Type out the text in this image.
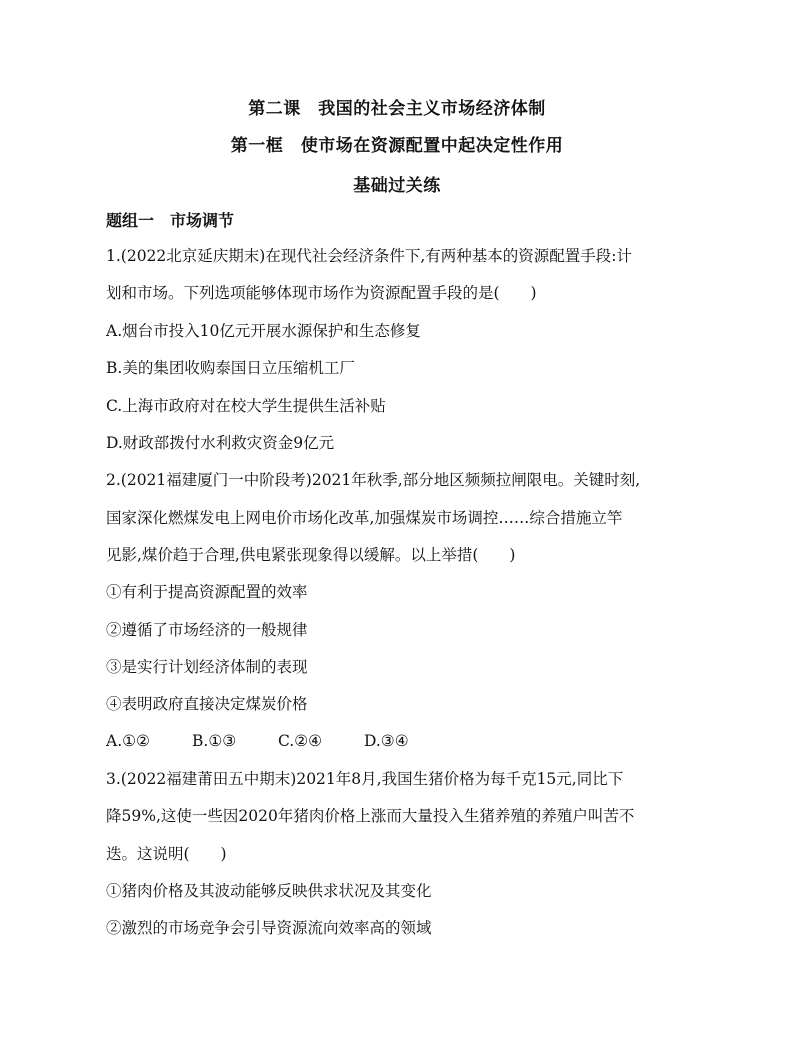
第二课　我国的社会主义市场经济体制
第一框　使市场在资源配置中起决定性作用
基础过关练
题组一　市场调节
1.(2022北京延庆期末)在现代社会经济条件下,有两种基本的资源配置手段:计
划和市场。下列选项能够体现市场作为资源配置手段的是(　　)
A.烟台市投入10亿元开展水源保护和生态修复
B.美的集团收购泰国日立压缩机工厂
C.上海市政府对在校大学生提供生活补贴
D.财政部拨付水利救灾资金9亿元
2.(2021福建厦门一中阶段考)2021年秋季,部分地区频频拉闸限电。关键时刻,
国家深化燃煤发电上网电价市场化改革,加强煤炭市场调控……综合措施立竿
见影,煤价趋于合理,供电紧张现象得以缓解。以上举措(　　)
①有利于提高资源配置的效率
②遵循了市场经济的一般规律
③是实行计划经济体制的表现
④表明政府直接决定煤炭价格
A.①②	B.①③	C.②④	D.③④
3.(2022福建莆田五中期末)2021年8月,我国生猪价格为每千克15元,同比下
降59%,这使一些因2020年猪肉价格上涨而大量投入生猪养殖的养殖户叫苦不
迭。这说明(　　)
①猪肉价格及其波动能够反映供求状况及其变化
②激烈的市场竞争会引导资源流向效率高的领域
